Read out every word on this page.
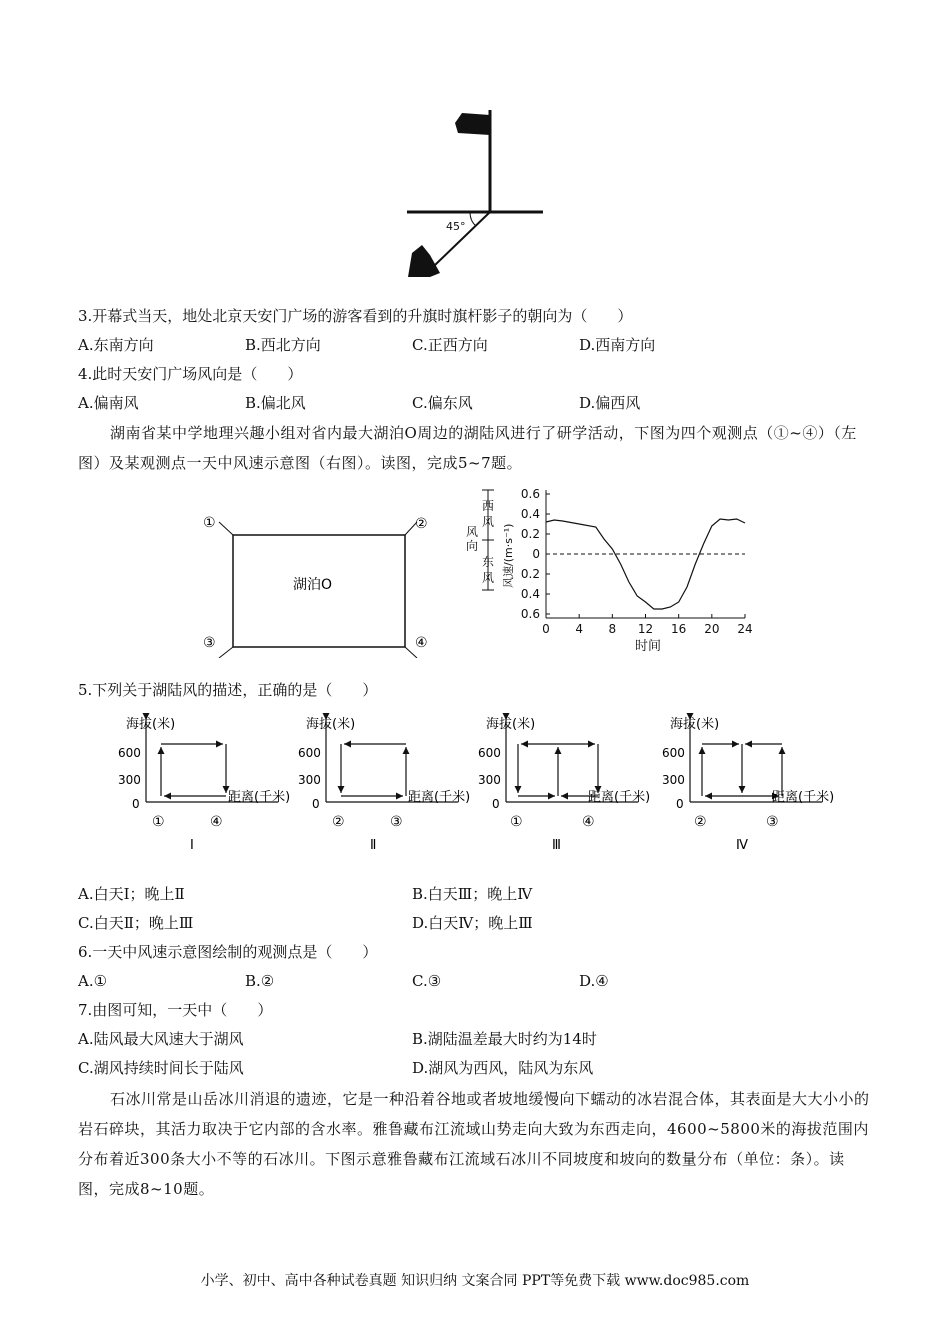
45°
3.开幕式当天，地处北京天安门广场的游客看到的升旗时旗杆影子的朝向为（　　）
A.东南方向	B.西北方向	C.正西方向	D.西南方向
4.此时天安门广场风向是（　　）
A.偏南风	B.偏北风	C.偏东风	D.偏西风
湖南省某中学地理兴趣小组对省内最大湖泊O周边的湖陆风进行了研学活动，下图为四个观测点（①~④）（左图）及某观测点一天中风速示意图（右图）。读图，完成5~7题。
①	②
③	④
湖泊O
西
风
东
风
风
向 风速/(m·s⁻¹)
0.6
0.4
0.2
0
0.2
0.4
0.6
0 4 8 12 16 20 24
时间
5.下列关于湖陆风的描述，正确的是（　　）
海拔(米)
600
300
0	距离(千米)
①	④
Ⅰ
海拔(米)
600
300
0	距离(千米)
②	③
Ⅱ
海拔(米)
600
300
0	距离(千米)
①	④
Ⅲ
海拔(米)
600
300
0	距离(千米)
②	③
Ⅳ
A.白天Ⅰ；晚上Ⅱ	B.白天Ⅲ；晚上Ⅳ
C.白天Ⅱ；晚上Ⅲ	D.白天Ⅳ；晚上Ⅲ
6.一天中风速示意图绘制的观测点是（　　）
A.①	B.②	C.③	D.④
7.由图可知，一天中（　　）
A.陆风最大风速大于湖风	B.湖陆温差最大时约为14时
C.湖风持续时间长于陆风	D.湖风为西风，陆风为东风
石冰川常是山岳冰川消退的遗迹，它是一种沿着谷地或者坡地缓慢向下蠕动的冰岩混合体，其表面是大大小小的岩石碎块，其活力取决于它内部的含水率。雅鲁藏布江流域山势走向大致为东西走向，4600~5800米的海拔范围内分布着近300条大小不等的石冰川。下图示意雅鲁藏布江流域石冰川不同坡度和坡向的数量分布（单位：条）。读图，完成8~10题。
小学、初中、高中各种试卷真题 知识归纳 文案合同 PPT等免费下载 www.doc985.com
